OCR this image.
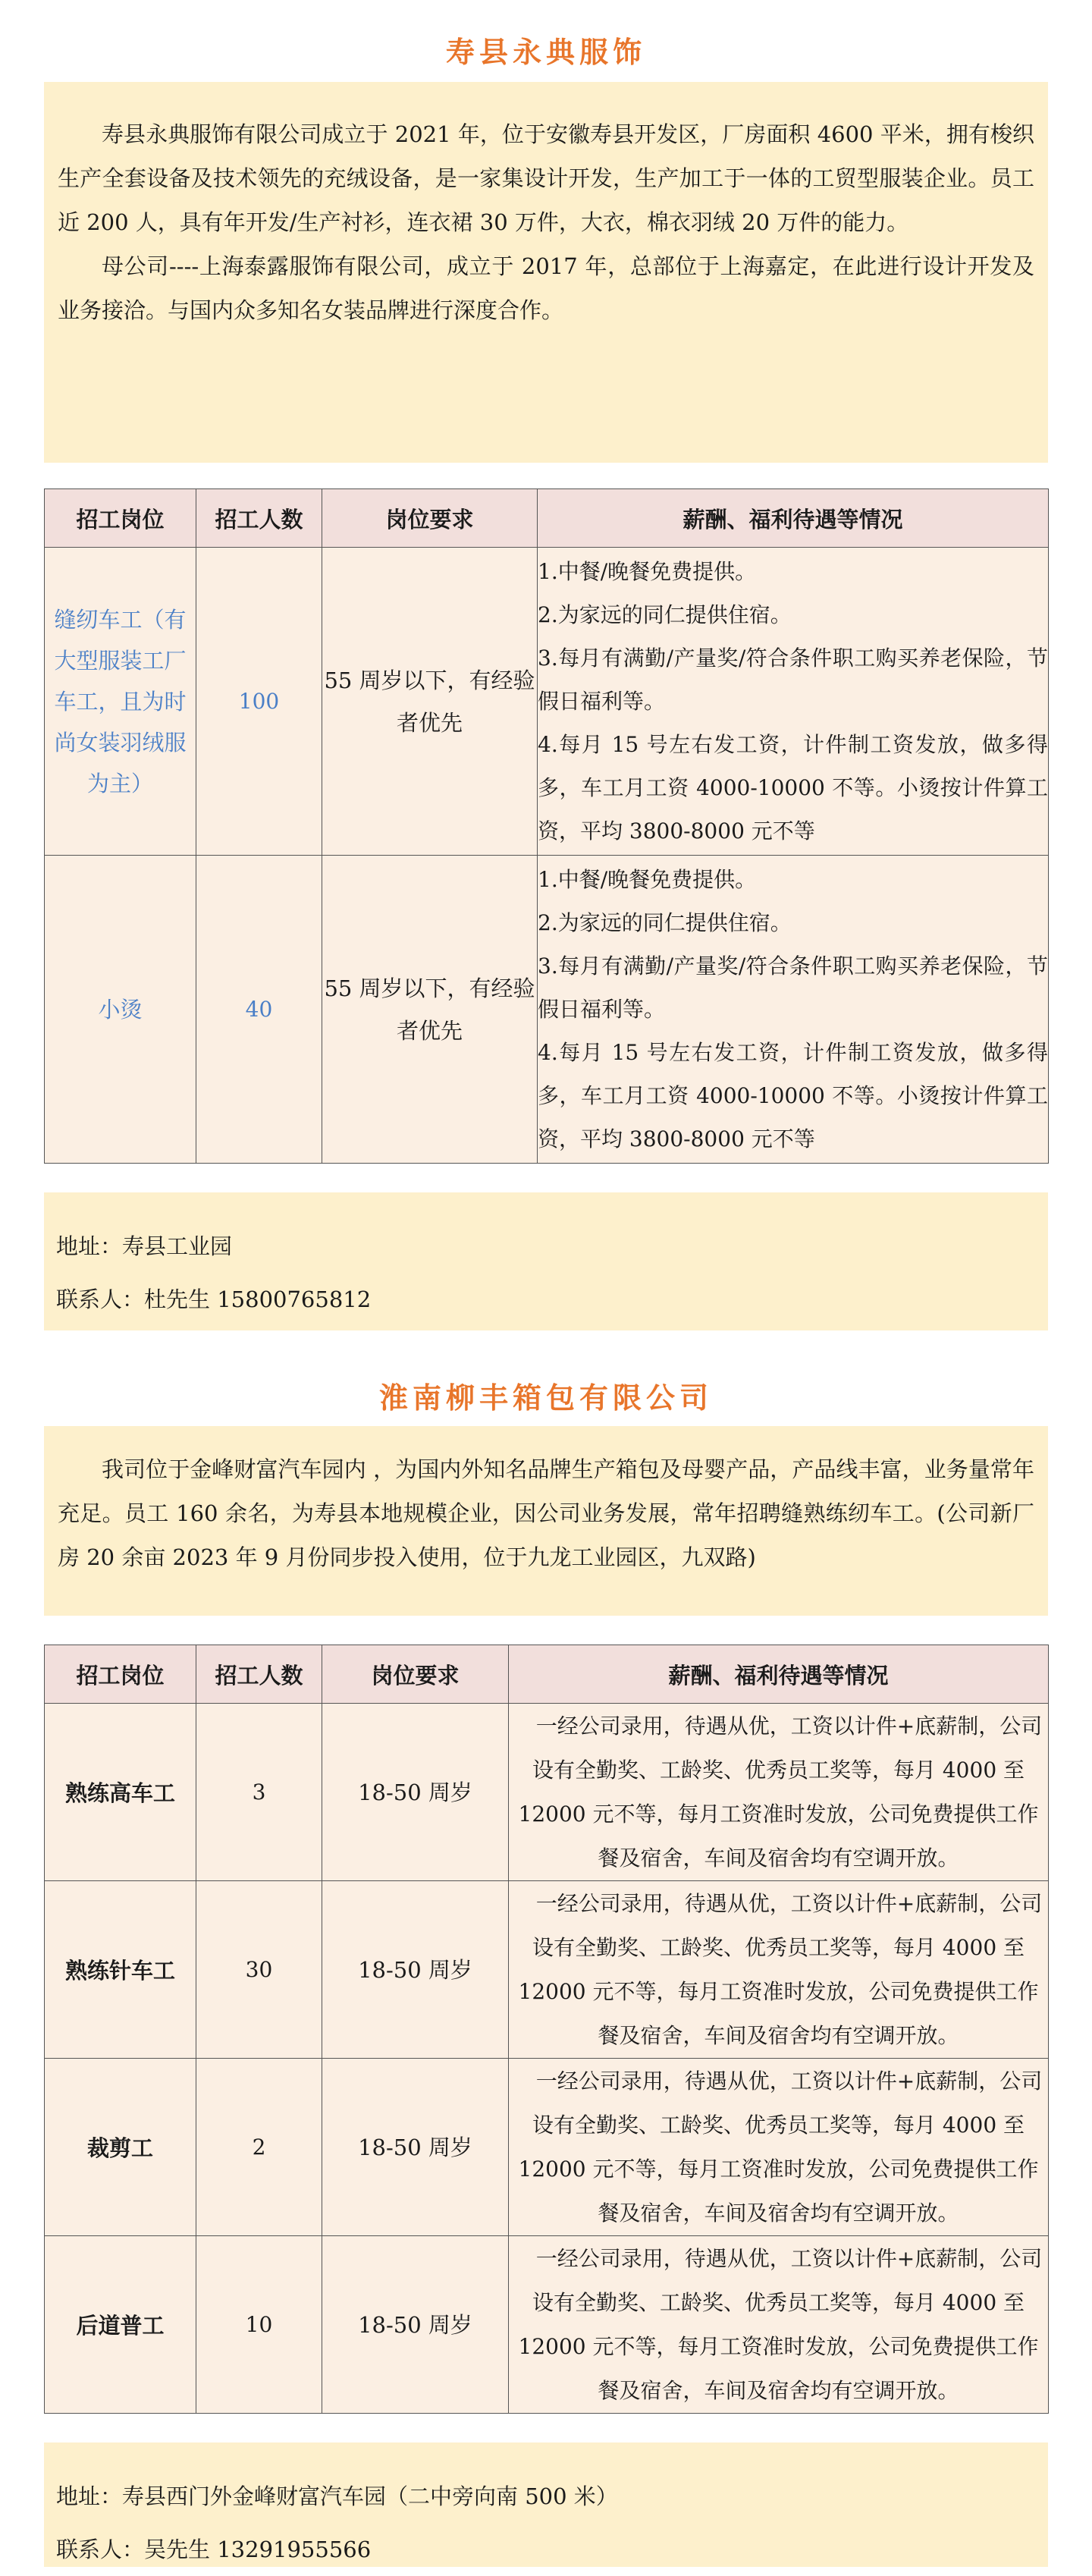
寿县永典服饰

寿县永典服饰有限公司成立于 2021 年，位于安徽寿县开发区，厂房面积 4600 平米，拥有梭织生产全套设备及技术领先的充绒设备，是一家集设计开发，生产加工于一体的工贸型服装企业。员工近 200 人，具有年开发/生产衬衫，连衣裙 30 万件，大衣，棉衣羽绒 20 万件的能力。

母公司----上海泰露服饰有限公司，成立于 2017 年，总部位于上海嘉定，在此进行设计开发及业务接洽。与国内众多知名女装品牌进行深度合作。

招工岗位	招工人数	岗位要求	薪酬、福利待遇等情况
缝纫车工（有大型服装工厂车工，且为时尚女装羽绒服为主）	100	55 周岁以下，有经验者优先	1.中餐/晚餐免费提供。
2.为家远的同仁提供住宿。
3.每月有满勤/产量奖/符合条件职工购买养老保险，节假日福利等。
4.每月 15 号左右发工资，计件制工资发放，做多得多，车工月工资 4000-10000 不等。小烫按计件算工资，平均 3800-8000 元不等

小烫	40	55 周岁以下，有经验者优先	1.中餐/晚餐免费提供。
2.为家远的同仁提供住宿。
3.每月有满勤/产量奖/符合条件职工购买养老保险，节假日福利等。
4.每月 15 号左右发工资，计件制工资发放，做多得多，车工月工资 4000-10000 不等。小烫按计件算工资，平均 3800-8000 元不等
地址：寿县工业园
联系人：杜先生 15800765812
淮南柳丰箱包有限公司

我司位于金峰财富汽车园内 ，为国内外知名品牌生产箱包及母婴产品，产品线丰富，业务量常年充足。员工 160 余名，为寿县本地规模企业，因公司业务发展，常年招聘缝熟练纫车工。(公司新厂房 20 余亩 2023 年 9 月份同步投入使用，位于九龙工业园区，九双路)

招工岗位	招工人数	岗位要求	薪酬、福利待遇等情况
熟练高车工	3	18-50 周岁	一经公司录用，待遇从优，工资以计件+底薪制，公司设有全勤奖、工龄奖、优秀员工奖等，每月 4000 至 12000 元不等，每月工资准时发放，公司免费提供工作餐及宿舍，车间及宿舍均有空调开放。
熟练针车工	30	18-50 周岁	一经公司录用，待遇从优，工资以计件+底薪制，公司设有全勤奖、工龄奖、优秀员工奖等，每月 4000 至 12000 元不等，每月工资准时发放，公司免费提供工作餐及宿舍，车间及宿舍均有空调开放。
裁剪工	2	18-50 周岁	一经公司录用，待遇从优，工资以计件+底薪制，公司设有全勤奖、工龄奖、优秀员工奖等，每月 4000 至 12000 元不等，每月工资准时发放，公司免费提供工作餐及宿舍，车间及宿舍均有空调开放。
后道普工	10	18-50 周岁	一经公司录用，待遇从优，工资以计件+底薪制，公司设有全勤奖、工龄奖、优秀员工奖等，每月 4000 至 12000 元不等，每月工资准时发放，公司免费提供工作餐及宿舍，车间及宿舍均有空调开放。
地址：寿县西门外金峰财富汽车园（二中旁向南 500 米）
联系人：吴先生 13291955566
